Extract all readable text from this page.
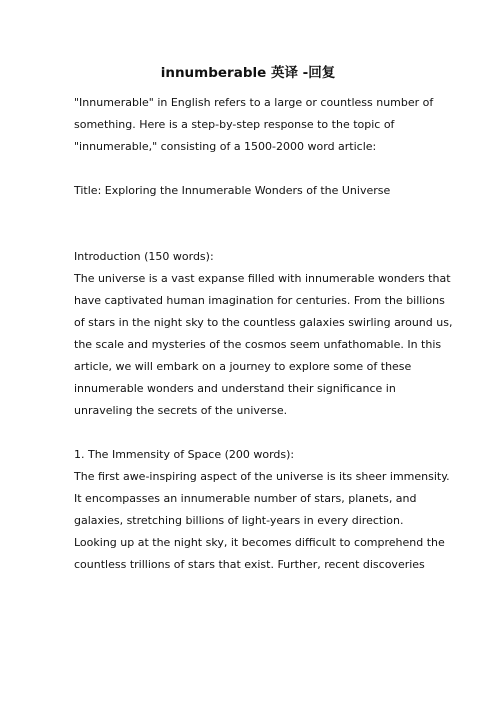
innumberable 英译 -回复
"Innumerable" in English refers to a large or countless number of
something. Here is a step-by-step response to the topic of
"innumerable," consisting of a 1500-2000 word article:
Title: Exploring the Innumerable Wonders of the Universe
Introduction (150 words):
The universe is a vast expanse filled with innumerable wonders that
have captivated human imagination for centuries. From the billions
of stars in the night sky to the countless galaxies swirling around us,
the scale and mysteries of the cosmos seem unfathomable. In this
article, we will embark on a journey to explore some of these
innumerable wonders and understand their significance in
unraveling the secrets of the universe.
1. The Immensity of Space (200 words):
The first awe-inspiring aspect of the universe is its sheer immensity.
It encompasses an innumerable number of stars, planets, and
galaxies, stretching billions of light-years in every direction.
Looking up at the night sky, it becomes difficult to comprehend the
countless trillions of stars that exist. Further, recent discoveries
